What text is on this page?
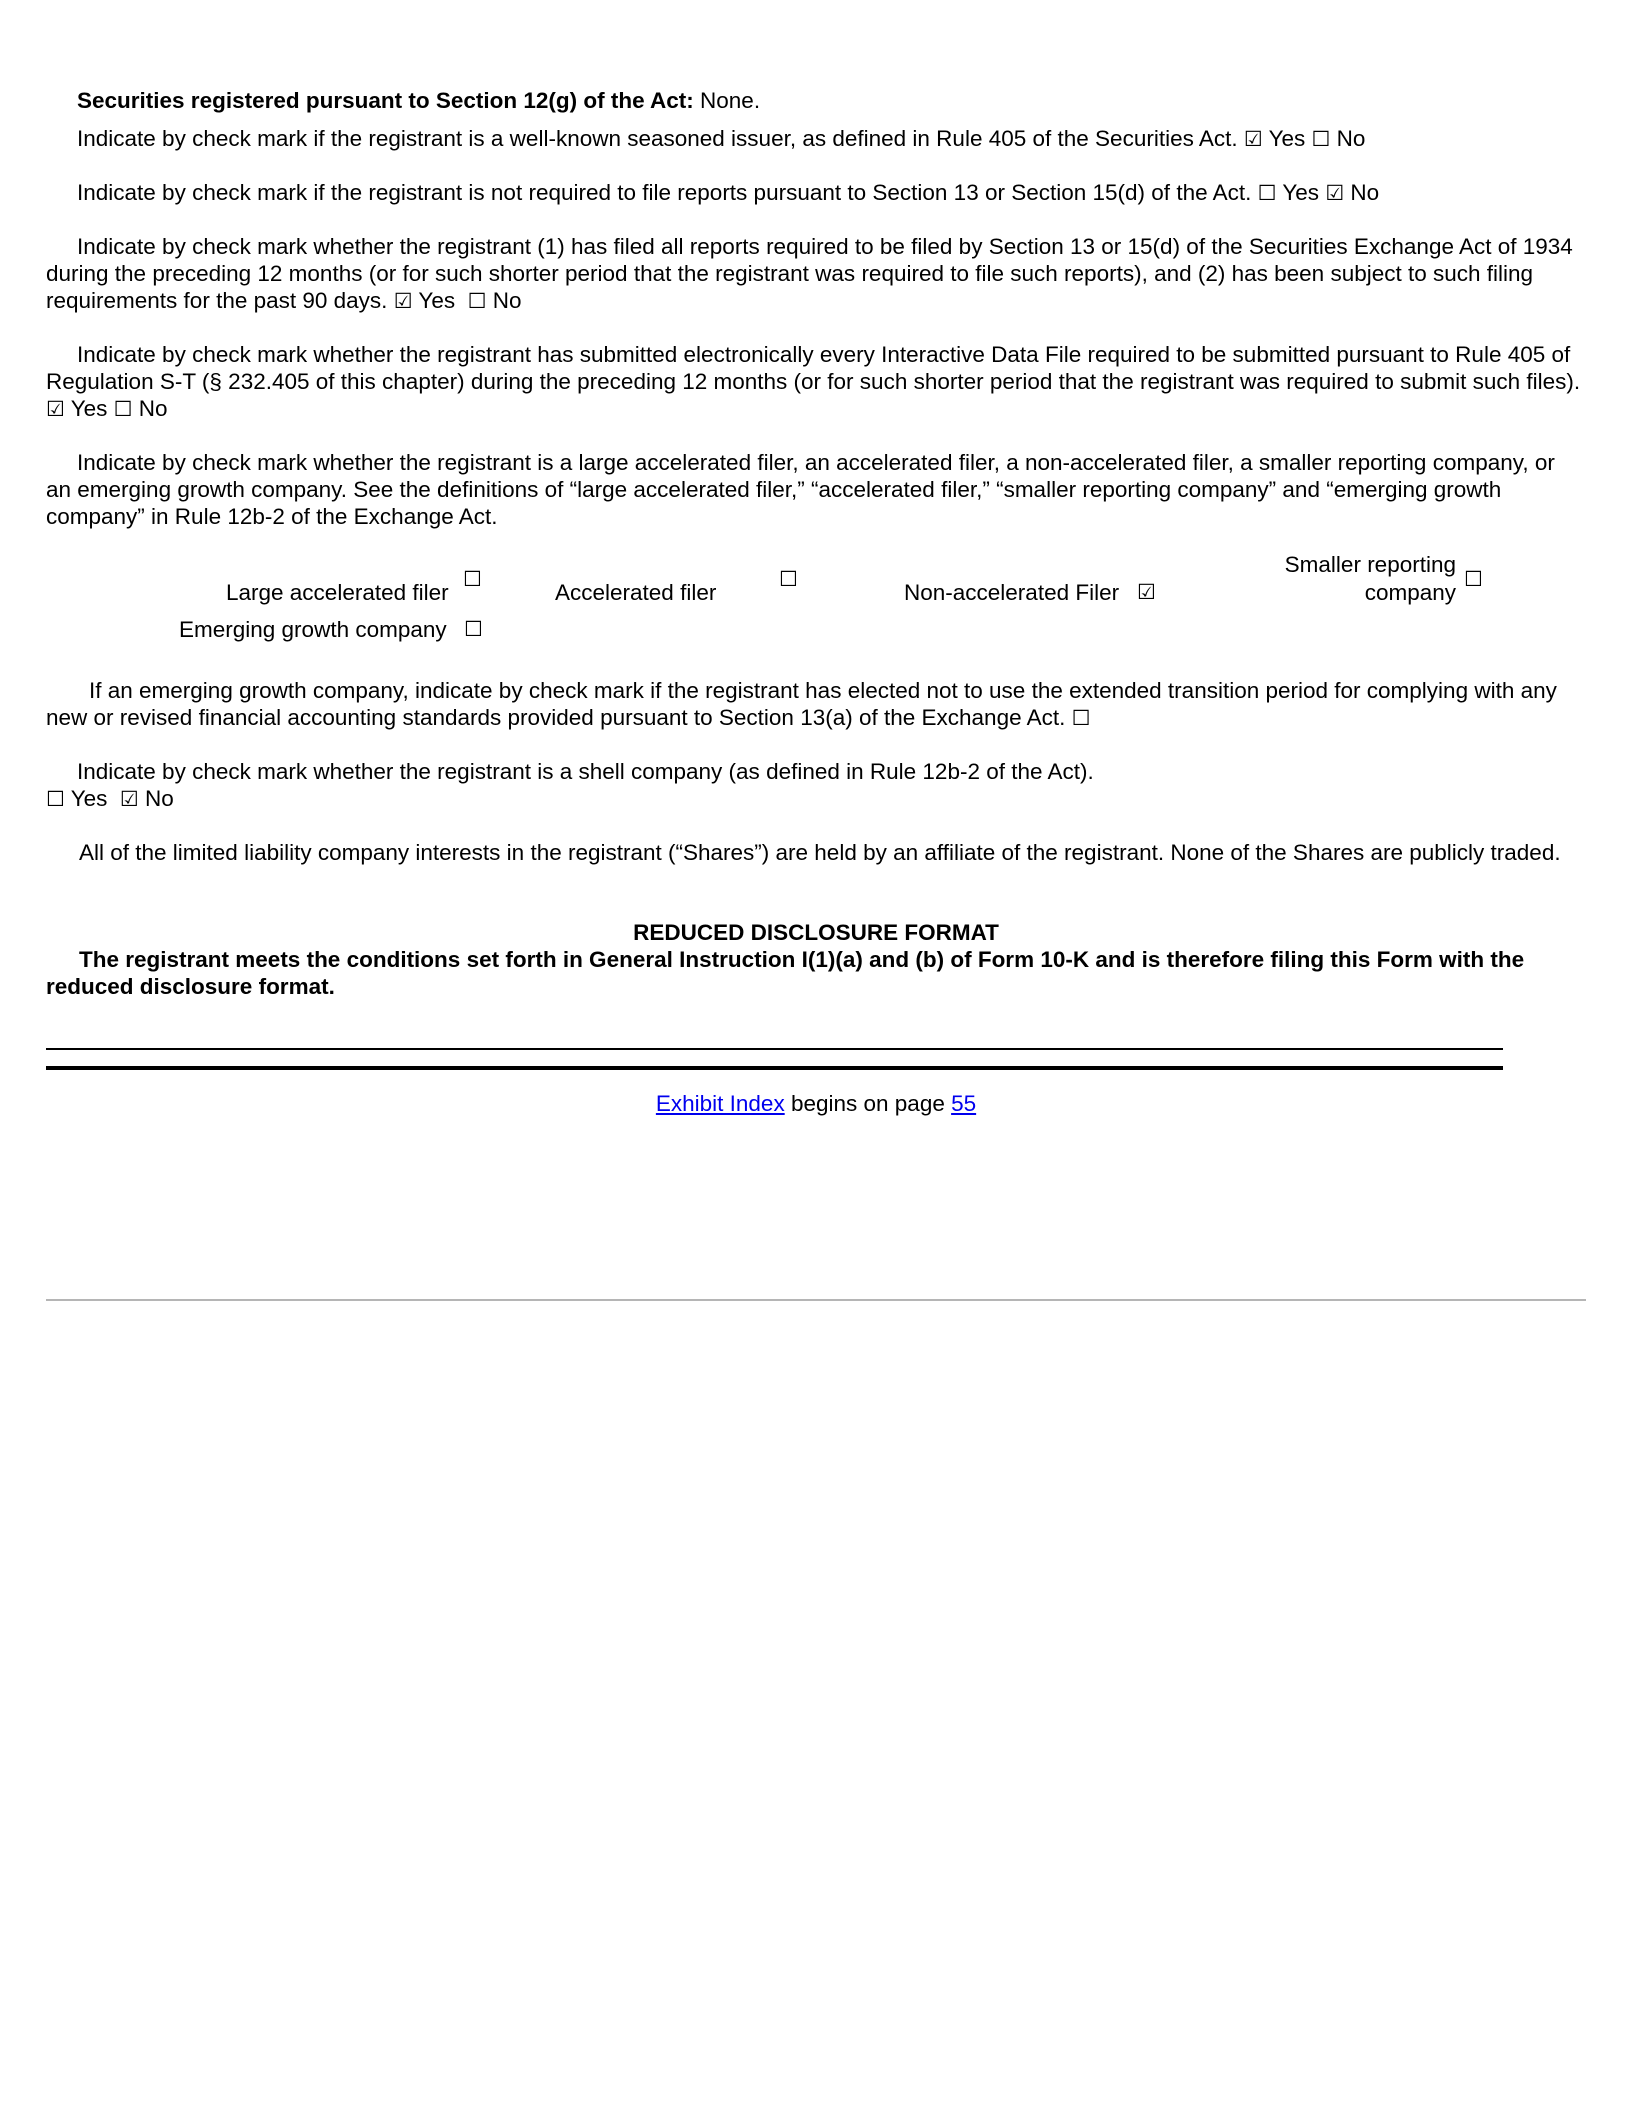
Securities registered pursuant to Section 12(g) of the Act: None.

Indicate by check mark if the registrant is a well-known seasoned issuer, as defined in Rule 405 of the Securities Act. ☑ Yes ☐ No

Indicate by check mark if the registrant is not required to file reports pursuant to Section 13 or Section 15(d) of the Act. ☐ Yes ☑ No

Indicate by check mark whether the registrant (1) has filed all reports required to be filed by Section 13 or 15(d) of the Securities Exchange Act of 1934 during the preceding 12 months (or for such shorter period that the registrant was required to file such reports), and (2) has been subject to such filing requirements for the past 90 days. ☑ Yes ☐ No

Indicate by check mark whether the registrant has submitted electronically every Interactive Data File required to be submitted pursuant to Rule 405 of Regulation S-T (§ 232.405 of this chapter) during the preceding 12 months (or for such shorter period that the registrant was required to submit such files). ☑ Yes ☐ No

Indicate by check mark whether the registrant is a large accelerated filer, an accelerated filer, a non-accelerated filer, a smaller reporting company, or an emerging growth company. See the definitions of “large accelerated filer,” “accelerated filer,” “smaller reporting company” and “emerging growth company” in Rule 12b-2 of the Exchange Act.

Large accelerated filer
☐
Accelerated filer
☐
Non-accelerated Filer ☑
Smaller reporting
company
☐
Emerging growth company ☐

If an emerging growth company, indicate by check mark if the registrant has elected not to use the extended transition period for complying with any new or revised financial accounting standards provided pursuant to Section 13(a) of the Exchange Act. ☐

Indicate by check mark whether the registrant is a shell company (as defined in Rule 12b-2 of the Act).

☐ Yes ☑ No

All of the limited liability company interests in the registrant (“Shares”) are held by an affiliate of the registrant. None of the Shares are publicly traded.

REDUCED DISCLOSURE FORMAT

The registrant meets the conditions set forth in General Instruction I(1)(a) and (b) of Form 10-K and is therefore filing this Form with the reduced disclosure format.

Exhibit Index begins on page 55
